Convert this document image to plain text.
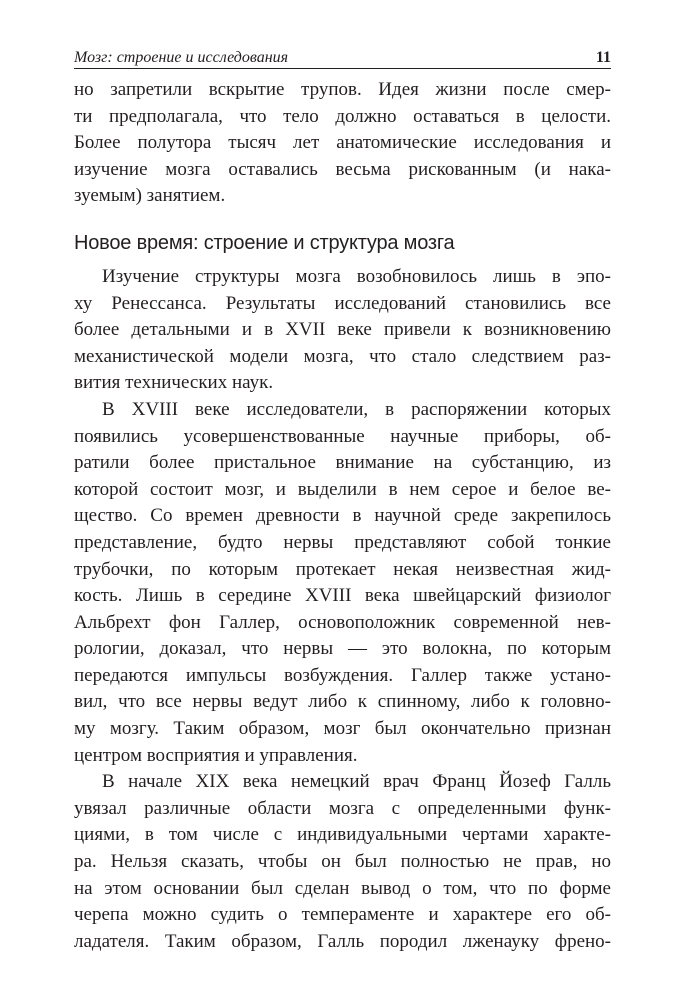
Мозг: строение и исследования	11

но запретили вскрытие трупов. Идея жизни после смер-

ти предполагала, что тело должно оставаться в целости.

Более полутора тысяч лет анатомические исследования и

изучение мозга оставались весьма рискованным (и нака-

зуемым) занятием.

Новое время: строение и структура мозга

Изучение структуры мозга возобновилось лишь в эпо-

ху Ренессанса. Результаты исследований становились все

более детальными и в XVII веке привели к возникновению

механистической модели мозга, что стало следствием раз-

вития технических наук.

В XVIII веке исследователи, в распоряжении которых

появились усовершенствованные научные приборы, об-

ратили более пристальное внимание на субстанцию, из

которой состоит мозг, и выделили в нем серое и белое ве-

щество. Со времен древности в научной среде закрепилось

представление, будто нервы представляют собой тонкие

трубочки, по которым протекает некая неизвестная жид-

кость. Лишь в середине XVIII века швейцарский физиолог

Альбрехт фон Галлер, основоположник современной нев-

рологии, доказал, что нервы — это волокна, по которым

передаются импульсы возбуждения. Галлер также устано-

вил, что все нервы ведут либо к спинному, либо к головно-

му мозгу. Таким образом, мозг был окончательно признан

центром восприятия и управления.

В начале XIX века немецкий врач Франц Йозеф Галль

увязал различные области мозга с определенными функ-

циями, в том числе с индивидуальными чертами характе-

ра. Нельзя сказать, чтобы он был полностью не прав, но

на этом основании был сделан вывод о том, что по форме

черепа можно судить о темпераменте и характере его об-

ладателя. Таким образом, Галль породил лженауку френо-
